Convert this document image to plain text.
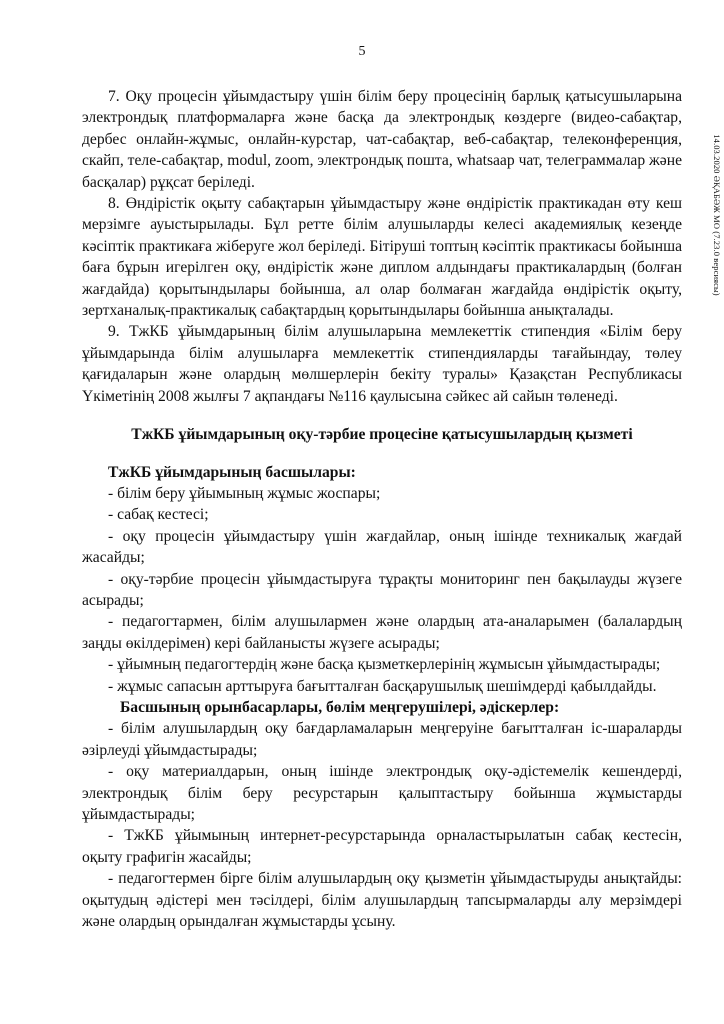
5
14.03.2020 ӘҚАБӘЖ МО (7.23.0 версиясы)

7. Оқу процесін ұйымдастыру үшін білім беру процесінің барлық қатысушыларына электрондық платформаларға және басқа да электрондық көздерге (видео-сабақтар, дербес онлайн-жұмыс, онлайн-курстар, чат-сабақтар, веб-сабақтар, телеконференция, скайп, теле-сабақтар, modul, zoom, электрондық пошта, whatsaap чат, телеграммалар және басқалар) рұқсат беріледі.

8. Өндірістік оқыту сабақтарын ұйымдастыру және өндірістік практикадан өту кеш мерзімге ауыстырылады. Бұл ретте білім алушыларды келесі академиялық кезеңде кәсіптік практикаға жіберуге жол беріледі. Бітіруші топтың кәсіптік практикасы бойынша баға бұрын игерілген оқу, өндірістік және диплом алдындағы практикалардың (болған жағдайда) қорытындылары бойынша, ал олар болмаған жағдайда өндірістік оқыту, зертханалық-практикалық сабақтардың қорытындылары бойынша анықталады.

9. ТжКБ ұйымдарының білім алушыларына мемлекеттік стипендия «Білім беру ұйымдарында білім алушыларға мемлекеттік стипендияларды тағайындау, төлеу қағидаларын және олардың мөлшерлерін бекіту туралы» Қазақстан Республикасы Үкіметінің 2008 жылғы 7 ақпандағы №116 қаулысына сәйкес ай сайын төленеді.

ТжКБ ұйымдарының оқу-тәрбие процесіне қатысушылардың қызметі

ТжКБ ұйымдарының басшылары:

- білім беру ұйымының жұмыс жоспары;

- сабақ кестесі;

- оқу процесін ұйымдастыру үшін жағдайлар, оның ішінде техникалық жағдай жасайды;

- оқу-тәрбие процесін ұйымдастыруға тұрақты мониторинг пен бақылауды жүзеге асырады;

- педагогтармен, білім алушылармен және олардың ата-аналарымен (балалардың заңды өкілдерімен) кері байланысты жүзеге асырады;

- ұйымның педагогтердің және басқа қызметкерлерінің жұмысын ұйымдастырады;

- жұмыс сапасын арттыруға бағытталған басқарушылық шешімдерді қабылдайды.

Басшының орынбасарлары, бөлім меңгерушілері, әдіскерлер:

- білім алушылардың оқу бағдарламаларын меңгеруіне бағытталған іс-шараларды әзірлеуді ұйымдастырады;

- оқу материалдарын, оның ішінде электрондық оқу-әдістемелік кешендерді, электрондық білім беру ресурстарын қалыптастыру бойынша жұмыстарды ұйымдастырады;

- ТжКБ ұйымының интернет-ресурстарында орналастырылатын сабақ кестесін, оқыту графигін жасайды;

- педагогтермен бірге білім алушылардың оқу қызметін ұйымдастыруды анықтайды: оқытудың әдістері мен тәсілдері, білім алушылардың тапсырмаларды алу мерзімдері және олардың орындалған жұмыстарды ұсыну.
